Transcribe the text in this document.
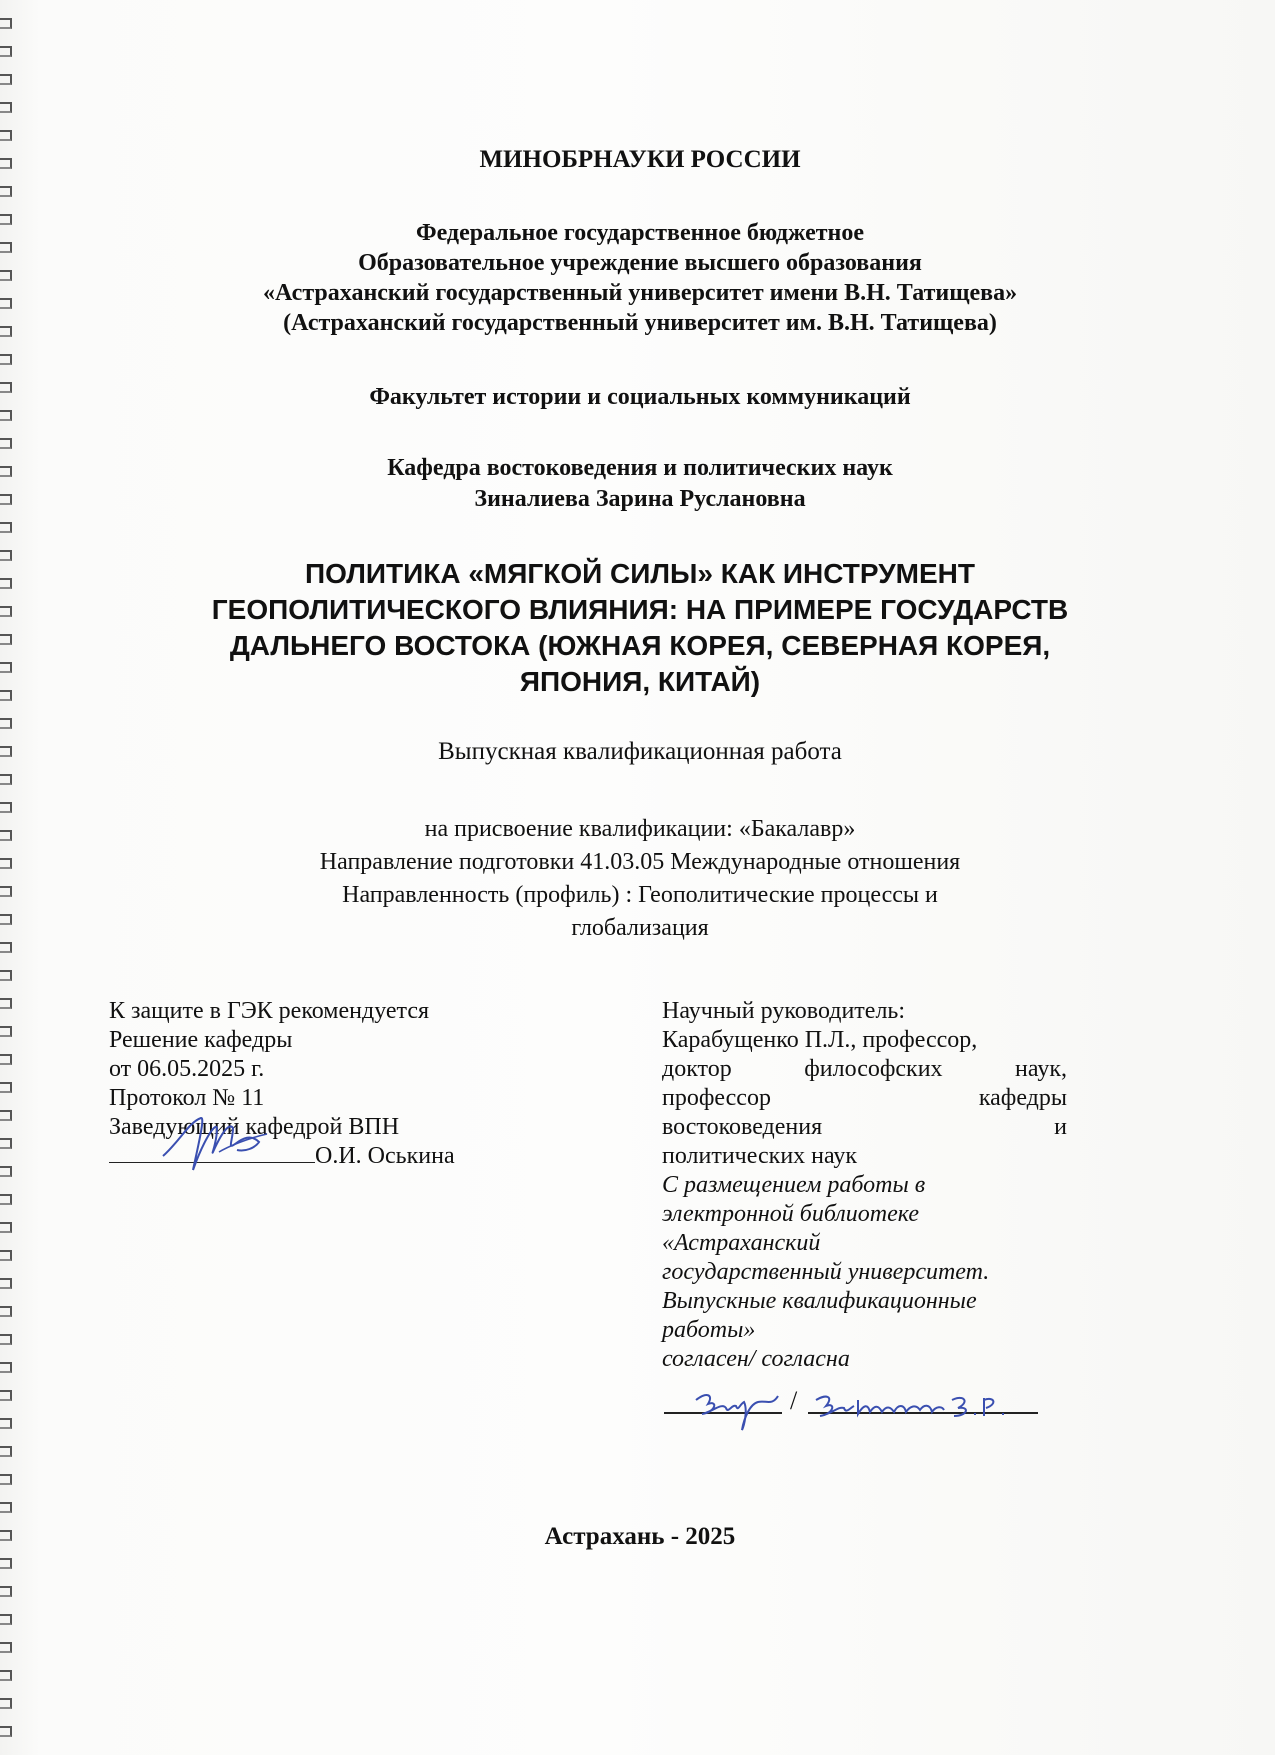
МИНОБРНАУКИ РОССИИ
Федеральное государственное бюджетное
Образовательное учреждение высшего образования
«Астраханский государственный университет имени В.Н. Татищева»
(Астраханский государственный университет им. В.Н. Татищева)
Факультет истории и социальных коммуникаций
Кафедра востоковедения и политических наук
Зиналиева Зарина Руслановна
ПОЛИТИКА «МЯГКОЙ СИЛЫ» КАК ИНСТРУМЕНТ
ГЕОПОЛИТИЧЕСКОГО ВЛИЯНИЯ: НА ПРИМЕРЕ ГОСУДАРСТВ
ДАЛЬНЕГО ВОСТОКА (ЮЖНАЯ КОРЕЯ, СЕВЕРНАЯ КОРЕЯ,
ЯПОНИЯ, КИТАЙ)
Выпускная квалификационная работа
на присвоение квалификации: «Бакалавр»
Направление подготовки 41.03.05 Международные отношения
Направленность (профиль) : Геополитические процессы и
глобализация
К защите в ГЭК рекомендуется
Решение кафедры
от 06.05.2025 г.
Протокол № 11
Заведующий кафедрой ВПН
О.И. Оськина
Научный руководитель:
Карабущенко П.Л., профессор,
доктор философских наук,
профессор кафедры
востоковедения и
политических наук
С размещением работы в
электронной библиотеке
«Астраханский
государственный университет.
Выпускные квалификационные
работы»
согласен/ согласна
/
Астрахань - 2025
